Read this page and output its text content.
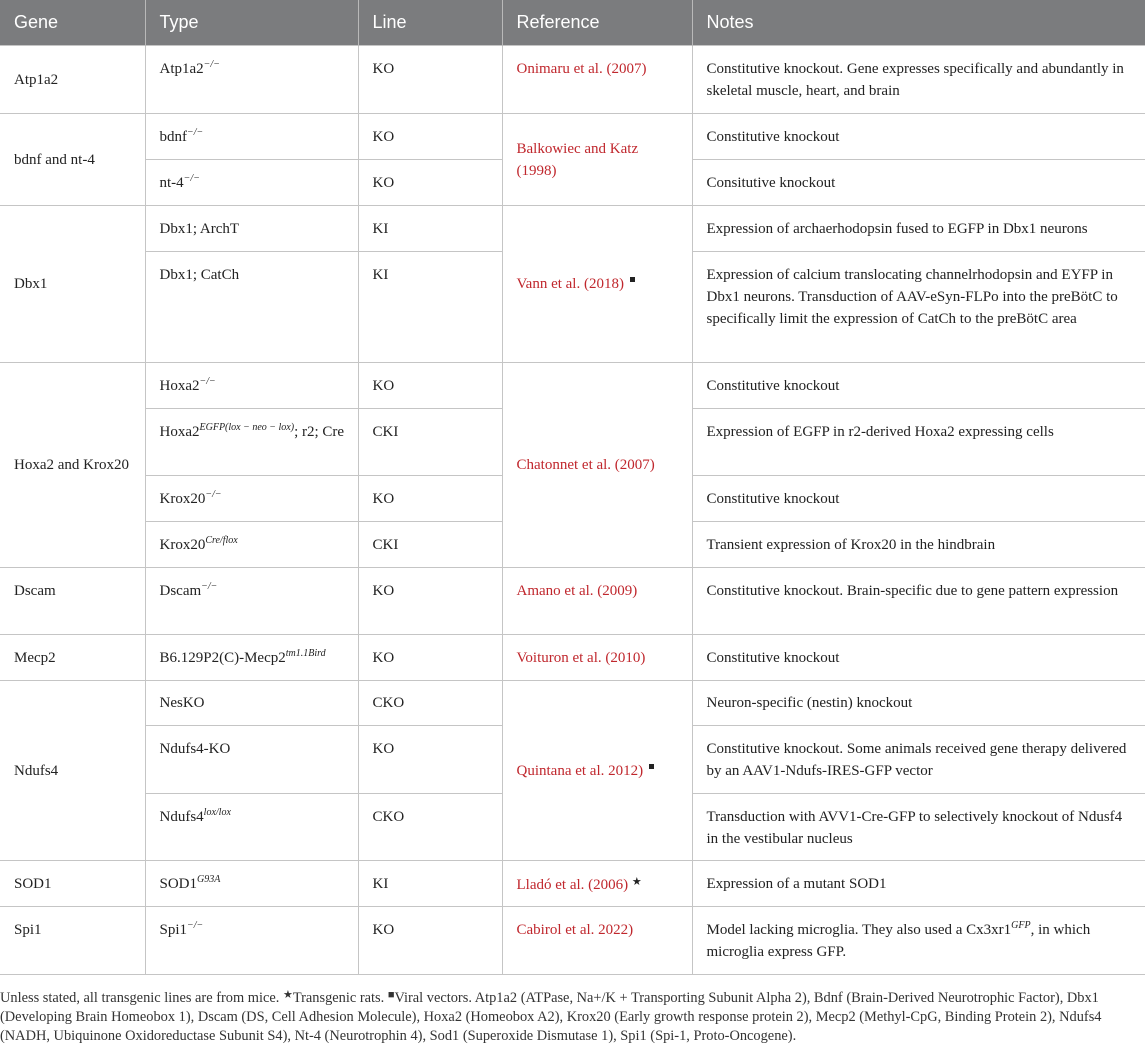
Gene	Type	Line	Reference	Notes
Atp1a2	Atp1a2−/−	KO	Onimaru et al. (2007)	Constitutive knockout. Gene expresses specifically and abundantly in skeletal muscle, heart, and brain
bdnf and nt-4	bdnf−/−	KO	Balkowiec and Katz (1998)	Constitutive knockout
	nt-4−/−	KO		Consitutive knockout
Dbx1	Dbx1; ArchT	KI	Vann et al. (2018)	Expression of archaerhodopsin fused to EGFP in Dbx1 neurons
	Dbx1; CatCh	KI		Expression of calcium translocating channelrhodopsin and EYFP in Dbx1 neurons. Transduction of AAV-eSyn-FLPo into the preBötC to specifically limit the expression of CatCh to the preBötC area
Hoxa2 and Krox20	Hoxa2−/−	KO	Chatonnet et al. (2007)	Constitutive knockout
	$Hoxa2^{EGFP(lox - neo - lox)}$; r2; Cre	CKI		Expression of EGFP in r2-derived Hoxa2 expressing cells
	Krox20−/−	KO		Constitutive knockout
	$Krox20^{Cre/flox}$	CKI		Transient expression of Krox20 in the hindbrain
Dscam	Dscam−/−	KO	Amano et al. (2009)	Constitutive knockout. Brain-specific due to gene pattern expression
Mecp2	$B6.129P2(C)-Mecp2^{tm1.1Bird}$	KO	Voituron et al. (2010)	Constitutive knockout
Ndufs4	NesKO	CKO	Quintana et al. 2012)	Neuron-specific (nestin) knockout
	Ndufs4-KO	KO		Constitutive knockout. Some animals received gene therapy delivered by an AAV1-Ndufs-IRES-GFP vector
	$Ndufs4^{lox/lox}$	CKO		Transduction with AVV1-Cre-GFP to selectively knockout of Ndusf4 in the vestibular nucleus
SOD1	$SOD1^{G93A}$	KI	Lladó et al. (2006) ★	Expression of a mutant SOD1
Spi1	Spi1−/−	KO	Cabirol et al. 2022)	Model lacking microglia. They also used a $Cx3xr1^{GFP}$, in which microglia express GFP.

Unless stated, all transgenic lines are from mice. ★Transgenic rats. ■Viral vectors. Atp1a2 (ATPase, Na+/K + Transporting Subunit Alpha 2), Bdnf (Brain-Derived Neurotrophic Factor), Dbx1 (Developing Brain Homeobox 1), Dscam (DS, Cell Adhesion Molecule), Hoxa2 (Homeobox A2), Krox20 (Early growth response protein 2), Mecp2 (Methyl-CpG, Binding Protein 2), Ndufs4 (NADH, Ubiquinone Oxidoreductase Subunit S4), Nt-4 (Neurotrophin 4), Sod1 (Superoxide Dismutase 1), Spi1 (Spi-1, Proto-Oncogene).
